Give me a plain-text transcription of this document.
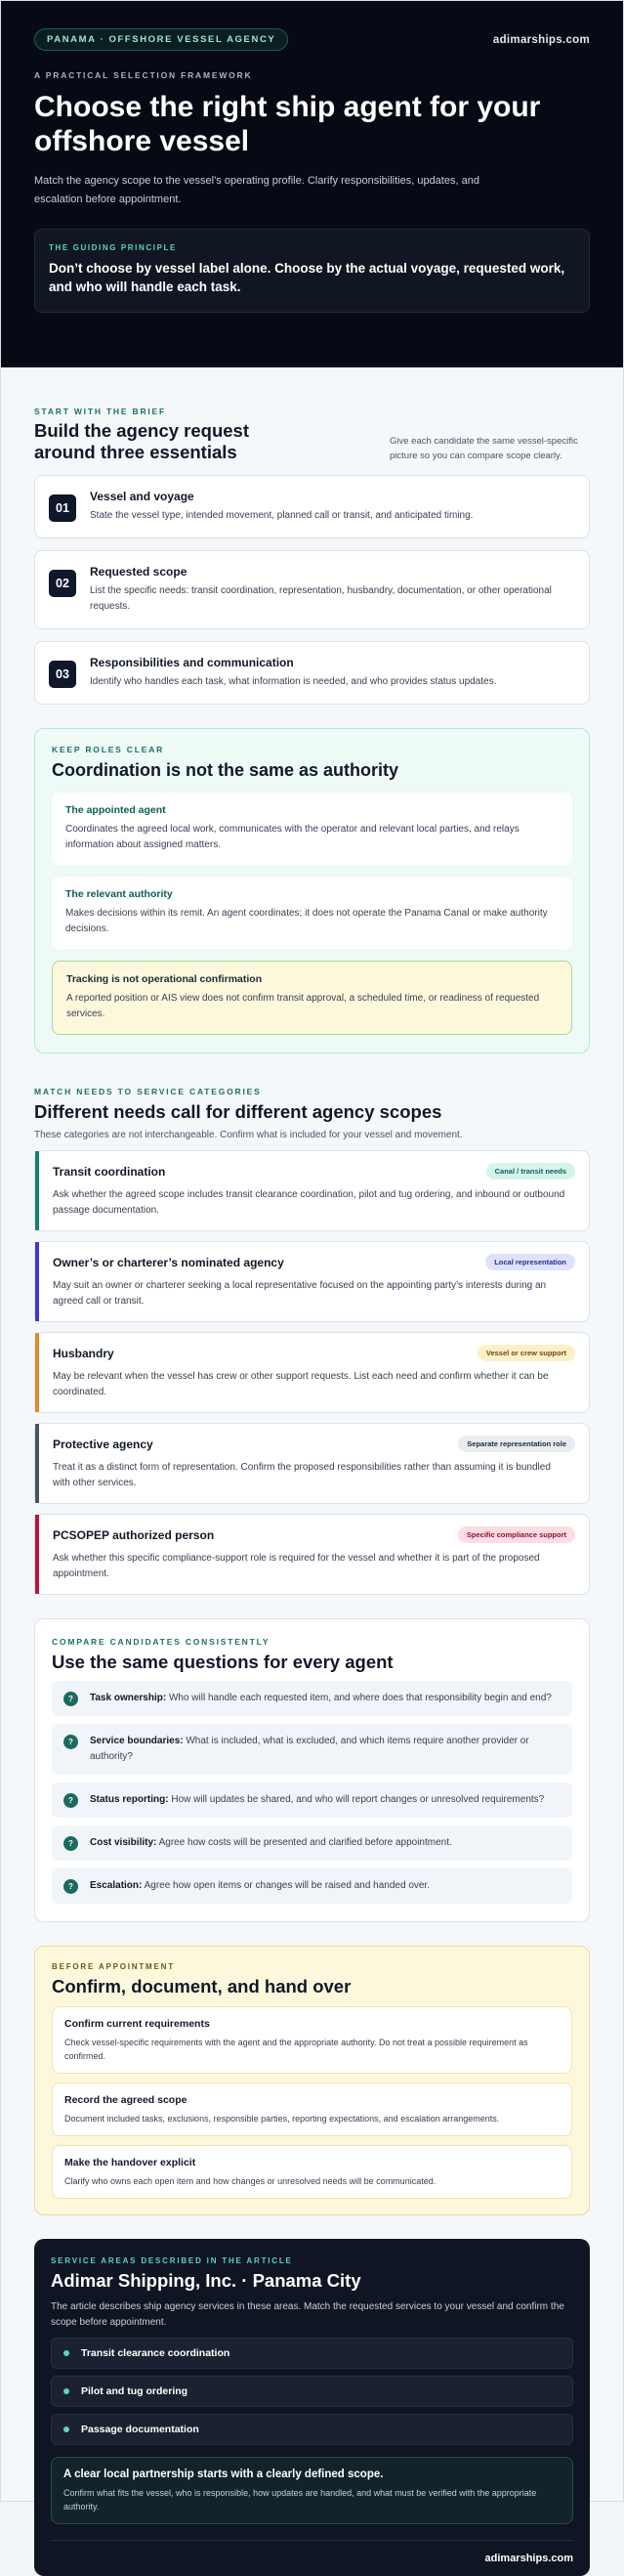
PANAMA · OFFSHORE VESSEL AGENCY	adimarships.com
A PRACTICAL SELECTION FRAMEWORK
Choose the right ship agent for your offshore vessel

Match the agency scope to the vessel’s operating profile. Clarify responsibilities, updates, and escalation before appointment.

THE GUIDING PRINCIPLE

Don’t choose by vessel label alone. Choose by the actual voyage, requested work, and who will handle each task.

START WITH THE BRIEF
Build the agency request around three essentials

Give each candidate the same vessel-specific picture so you can compare scope clearly.

01
Vessel and voyage
State the vessel type, intended movement, planned call or transit, and anticipated timing.
02
Requested scope
List the specific needs: transit coordination, representation, husbandry, documentation, or other operational requests.
03
Responsibilities and communication
Identify who handles each task, what information is needed, and who provides status updates.
KEEP ROLES CLEAR
Coordination is not the same as authority
The appointed agent
Coordinates the agreed local work, communicates with the operator and relevant local parties, and relays information about assigned matters.
The relevant authority
Makes decisions within its remit. An agent coordinates; it does not operate the Panama Canal or make authority decisions.
Tracking is not operational confirmation
A reported position or AIS view does not confirm transit approval, a scheduled time, or readiness of requested services.
MATCH NEEDS TO SERVICE CATEGORIES
Different needs call for different agency scopes

These categories are not interchangeable. Confirm what is included for your vessel and movement.

Transit coordination	Canal / transit needs
Ask whether the agreed scope includes transit clearance coordination, pilot and tug ordering, and inbound or outbound passage documentation.
Owner’s or charterer’s nominated agency	Local representation
May suit an owner or charterer seeking a local representative focused on the appointing party’s interests during an agreed call or transit.
Husbandry	Vessel or crew support
May be relevant when the vessel has crew or other support requests. List each need and confirm whether it can be coordinated.
Protective agency	Separate representation role
Treat it as a distinct form of representation. Confirm the proposed responsibilities rather than assuming it is bundled with other services.
PCSOPEP authorized person	Specific compliance support
Ask whether this specific compliance-support role is required for the vessel and whether it is part of the proposed appointment.
COMPARE CANDIDATES CONSISTENTLY
Use the same questions for every agent
?	Task ownership: Who will handle each requested item, and where does that responsibility begin and end?

?	Service boundaries: What is included, what is excluded, and which items require another provider or authority?

?	Status reporting: How will updates be shared, and who will report changes or unresolved requirements?

?	Cost visibility: Agree how costs will be presented and clarified before appointment.

?	Escalation: Agree how open items or changes will be raised and handed over.

BEFORE APPOINTMENT
Confirm, document, and hand over
Confirm current requirements
Check vessel-specific requirements with the agent and the appropriate authority. Do not treat a possible requirement as confirmed.
Record the agreed scope
Document included tasks, exclusions, responsible parties, reporting expectations, and escalation arrangements.
Make the handover explicit
Clarify who owns each open item and how changes or unresolved needs will be communicated.
SERVICE AREAS DESCRIBED IN THE ARTICLE
Adimar Shipping, Inc. · Panama City

The article describes ship agency services in these areas. Match the requested services to your vessel and confirm the scope before appointment.

Transit clearance coordination
Pilot and tug ordering
Passage documentation
A clear local partnership starts with a clearly defined scope.
Confirm what fits the vessel, who is responsible, how updates are handled, and what must be verified with the appropriate authority.
adimarships.com
